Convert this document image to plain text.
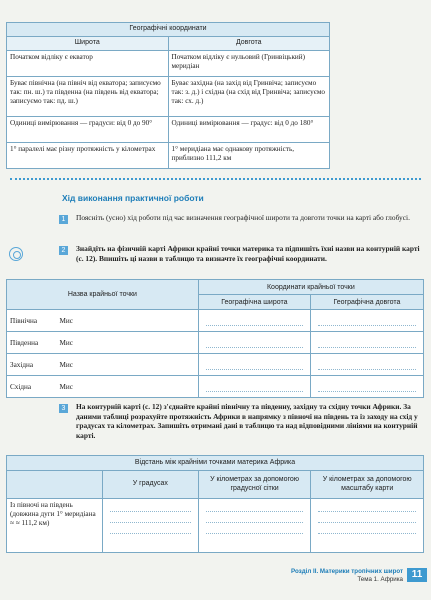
Географічні координати	
Широта	Довгота
Початком відліку є екватор	Початком відліку є нульовий (Гринвіцький) меридіан
Буває північна (на північ від екватора; записуємо так: пн. ш.) та південна (на південь від екватора; записуємо так: пд. ш.)	Буває західна (на захід від Гринвіча; записуємо так: з. д.) і східна (на схід від Гринвіча; записуємо так: сх. д.)
Одиниці вимірювання — градуси: від 0 до 90°	Одиниці вимірювання — градус: від 0 до 180°
1° паралелі має різну протяжність у кілометрах	1° меридіана має однакову протяжність, приблизно 111,2 км
Хід виконання практичної роботи
1	Поясніть (усно) хід роботи під час визначення географічної широти та довготи точки на карті або глобусі.
2	Знайдіть на фізичній карті Африки крайні точки материка та підпишіть їхні назви на контурній карті (с. 12). Впишіть ці назви в таблицю та визначте їх географічні координати.
Назва крайньої точки		Координати крайньої точки	
		Географічна широта	Географічна довгота
Північна	Мис	

Південна	Мис	

Західна	Мис	

Східна	Мис	

3	На контурній карті (с. 12) з'єднайте крайні північну та південну, західну та східну точки Африки. За даними таблиці розрахуйте протяжність Африки в напрямку з півночі на південь та із заходу на схід у градусах та кілометрах. Запишіть отримані дані в таблицю та над відповідними лініями на контурній карті.
Відстань між крайніми точками материка Африка			
	У градусах	У кілометрах за допомогою градусної сітки	У кілометрах за допомогою масштабу карти
Із півночі на південь (довжина дуги 1° меридіана ≈ ≈ 111,2 км)	

Розділ II. Материки тропічних широт
Тема 1. Африка 11
